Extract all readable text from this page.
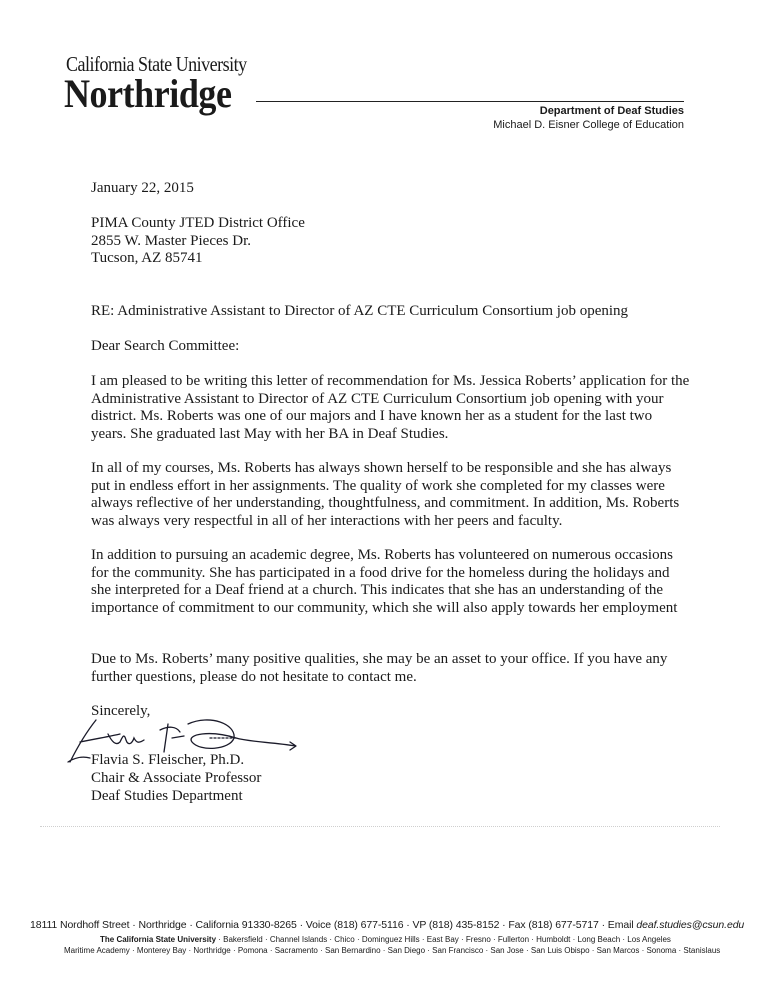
California State University
Northridge	Department of Deaf Studies
Michael D. Eisner College of Education
January 22, 2015
PIMA County JTED District Office
2855 W. Master Pieces Dr.
Tucson, AZ 85741
RE: Administrative Assistant to Director of AZ CTE Curriculum Consortium job opening
Dear Search Committee:

I am pleased to be writing this letter of recommendation for Ms. Jessica Roberts’ application for the Administrative Assistant to Director of AZ CTE Curriculum Consortium job opening with your district. Ms. Roberts was one of our majors and I have known her as a student for the last two years. She graduated last May with her BA in Deaf Studies.

In all of my courses, Ms. Roberts has always shown herself to be responsible and she has always put in endless effort in her assignments. The quality of work she completed for my classes were always reflective of her understanding, thoughtfulness, and commitment. In addition, Ms. Roberts was always very respectful in all of her interactions with her peers and faculty.

In addition to pursuing an academic degree, Ms. Roberts has volunteered on numerous occasions for the community. She has participated in a food drive for the homeless during the holidays and she interpreted for a Deaf friend at a church. This indicates that she has an understanding of the importance of commitment to our community, which she will also apply towards her employment

Due to Ms. Roberts’ many positive qualities, she may be an asset to your office. If you have any further questions, please do not hesitate to contact me.

Sincerely,
Flavia S. Fleischer, Ph.D.
Chair & Associate Professor
Deaf Studies Department
18111 Nordhoff Street · Northridge · California 91330-8265 · Voice (818) 677-5116 · VP (818) 435-8152 · Fax (818) 677-5717 · Email deaf.studies@csun.edu
The California State University · Bakersfield · Channel Islands · Chico · Dominguez Hills · East Bay · Fresno · Fullerton · Humboldt · Long Beach · Los Angeles
Maritime Academy · Monterey Bay · Northridge · Pomona · Sacramento · San Bernardino · San Diego · San Francisco · San Jose · San Luis Obispo · San Marcos · Sonoma · Stanislaus
